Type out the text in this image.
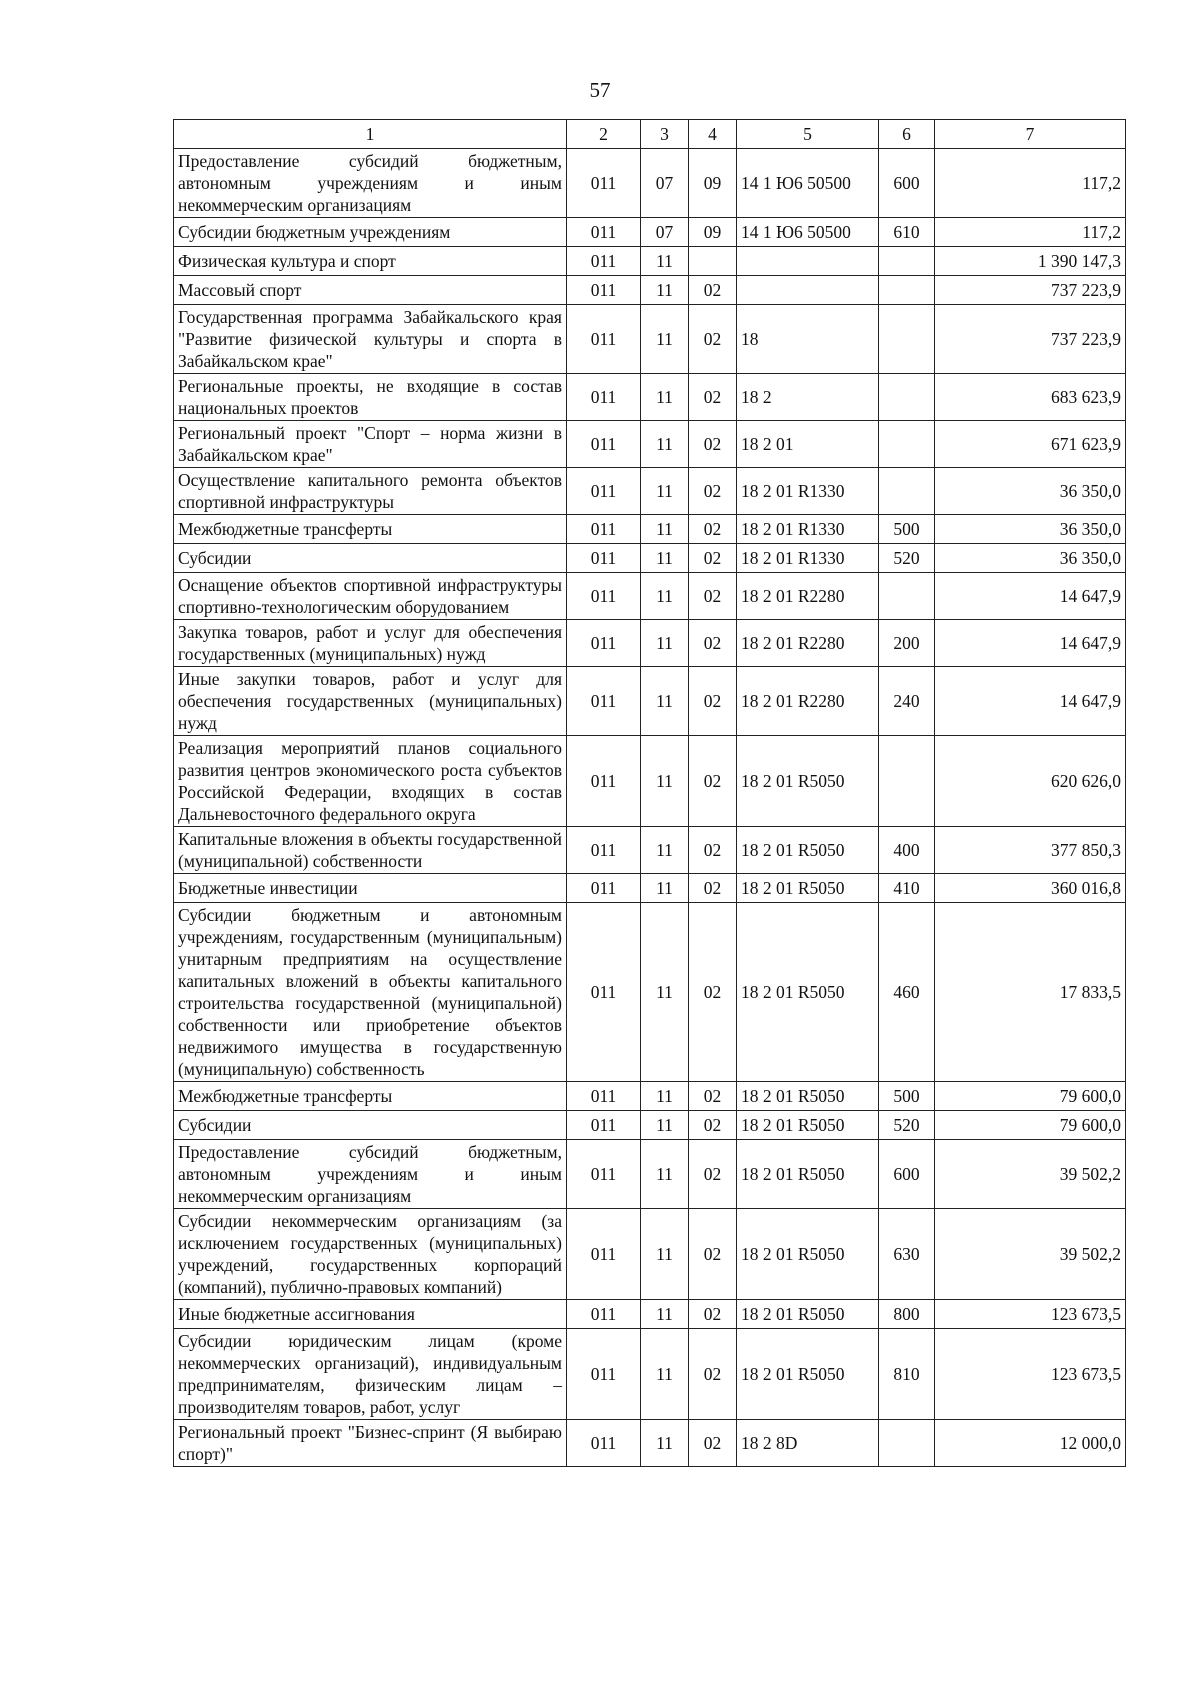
57
1	2	3	4	5	6	7
Предоставление субсидий бюджетным, автономным учреждениям и иным некоммерческим организациям	011	07	09	14 1 Ю6 50500	600	117,2
Субсидии бюджетным учреждениям	011	07	09	14 1 Ю6 50500	610	117,2
Физическая культура и спорт	011	11				1 390 147,3
Массовый спорт	011	11	02			737 223,9
Государственная программа Забайкальского края "Развитие физической культуры и спорта в Забайкальском крае"	011	11	02	18		737 223,9
Региональные проекты, не входящие в состав национальных проектов	011	11	02	18 2		683 623,9
Региональный проект "Спорт – норма жизни в Забайкальском крае"	011	11	02	18 2 01		671 623,9
Осуществление капитального ремонта объектов спортивной инфраструктуры	011	11	02	18 2 01 R1330		36 350,0
Межбюджетные трансферты	011	11	02	18 2 01 R1330	500	36 350,0
Субсидии	011	11	02	18 2 01 R1330	520	36 350,0
Оснащение объектов спортивной инфраструктуры спортивно-технологическим оборудованием	011	11	02	18 2 01 R2280		14 647,9
Закупка товаров, работ и услуг для обеспечения государственных (муниципальных) нужд	011	11	02	18 2 01 R2280	200	14 647,9
Иные закупки товаров, работ и услуг для обеспечения государственных (муниципальных) нужд	011	11	02	18 2 01 R2280	240	14 647,9
Реализация мероприятий планов социального развития центров экономического роста субъектов Российской Федерации, входящих в состав Дальневосточного федерального округа	011	11	02	18 2 01 R5050		620 626,0
Капитальные вложения в объекты государственной (муниципальной) собственности	011	11	02	18 2 01 R5050	400	377 850,3
Бюджетные инвестиции	011	11	02	18 2 01 R5050	410	360 016,8
Субсидии бюджетным и автономным учреждениям, государственным (муниципальным) унитарным предприятиям на осуществление капитальных вложений в объекты капитального строительства государственной (муниципальной) собственности или приобретение объектов недвижимого имущества в государственную (муниципальную) собственность	011	11	02	18 2 01 R5050	460	17 833,5
Межбюджетные трансферты	011	11	02	18 2 01 R5050	500	79 600,0
Субсидии	011	11	02	18 2 01 R5050	520	79 600,0
Предоставление субсидий бюджетным, автономным учреждениям и иным некоммерческим организациям	011	11	02	18 2 01 R5050	600	39 502,2
Субсидии некоммерческим организациям (за исключением государственных (муниципальных) учреждений, государственных корпораций (компаний), публично-правовых компаний)	011	11	02	18 2 01 R5050	630	39 502,2
Иные бюджетные ассигнования	011	11	02	18 2 01 R5050	800	123 673,5
Субсидии юридическим лицам (кроме некоммерческих организаций), индивидуальным предпринимателям, физическим лицам – производителям товаров, работ, услуг	011	11	02	18 2 01 R5050	810	123 673,5
Региональный проект "Бизнес-спринт (Я выбираю спорт)"	011	11	02	18 2 8D		12 000,0
